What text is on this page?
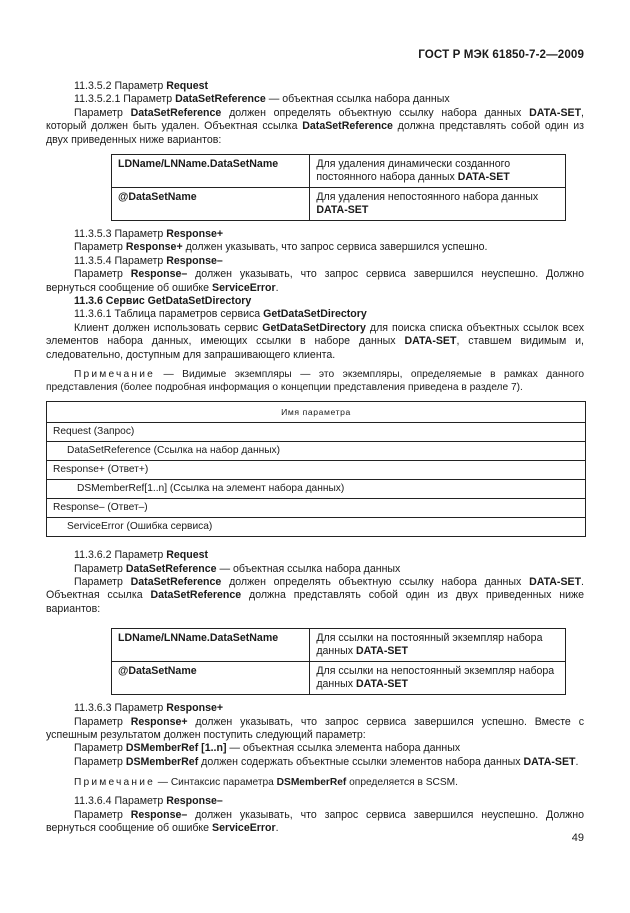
ГОСТ Р МЭК 61850-7-2—2009

11.3.5.2 Параметр Request

11.3.5.2.1 Параметр DataSetReference — объектная ссылка набора данных

Параметр DataSetReference должен определять объектную ссылку набора данных DATA-SET, который должен быть удален. Объектная ссылка DataSetReference должна представлять собой один из двух приведенных ниже вариантов:

LDName/LNName.DataSetName	Для удаления динамически созданного постоянного набора данных DATA-SET
@DataSetName	Для удаления непостоянного набора данных DATA-SET

11.3.5.3 Параметр Response+

Параметр Response+ должен указывать, что запрос сервиса завершился успешно.

11.3.5.4 Параметр Response–

Параметр Response– должен указывать, что запрос сервиса завершился неуспешно. Должно вернуться сообщение об ошибке ServiceError.

11.3.6 Сервис GetDataSetDirectory

11.3.6.1 Таблица параметров сервиса GetDataSetDirectory

Клиент должен использовать сервис GetDataSetDirectory для поиска списка объектных ссылок всех элементов набора данных, имеющих ссылки в наборе данных DATA-SET, ставшем видимым и, следовательно, доступным для запрашивающего клиента.

Примечание — Видимые экземпляры — это экземпляры, определяемые в рамках данного представления (более подробная информация о концепции представления приведена в разделе 7).

Имя параметра
Request (Запрос)
DataSetReference (Ссылка на набор данных)
Response+ (Ответ+)
DSMemberRef[1..n] (Ссылка на элемент набора данных)
Response– (Ответ–)
ServiceError (Ошибка сервиса)

11.3.6.2 Параметр Request

Параметр DataSetReference — объектная ссылка набора данных

Параметр DataSetReference должен определять объектную ссылку набора данных DATA-SET. Объектная ссылка DataSetReference должна представлять собой один из двух приведенных ниже вариантов:

LDName/LNName.DataSetName	Для ссылки на постоянный экземпляр набора данных DATA-SET
@DataSetName	Для ссылки на непостоянный экземпляр набора данных DATA-SET

11.3.6.3 Параметр Response+

Параметр Response+ должен указывать, что запрос сервиса завершился успешно. Вместе с успешным результатом должен поступить следующий параметр:

Параметр DSMemberRef [1..n] — объектная ссылка элемента набора данных

Параметр DSMemberRef должен содержать объектные ссылки элементов набора данных DATA-SET.

Примечание — Синтаксис параметра DSMemberRef определяется в SCSM.

11.3.6.4 Параметр Response–

Параметр Response– должен указывать, что запрос сервиса завершился неуспешно. Должно вернуться сообщение об ошибке ServiceError.

49
